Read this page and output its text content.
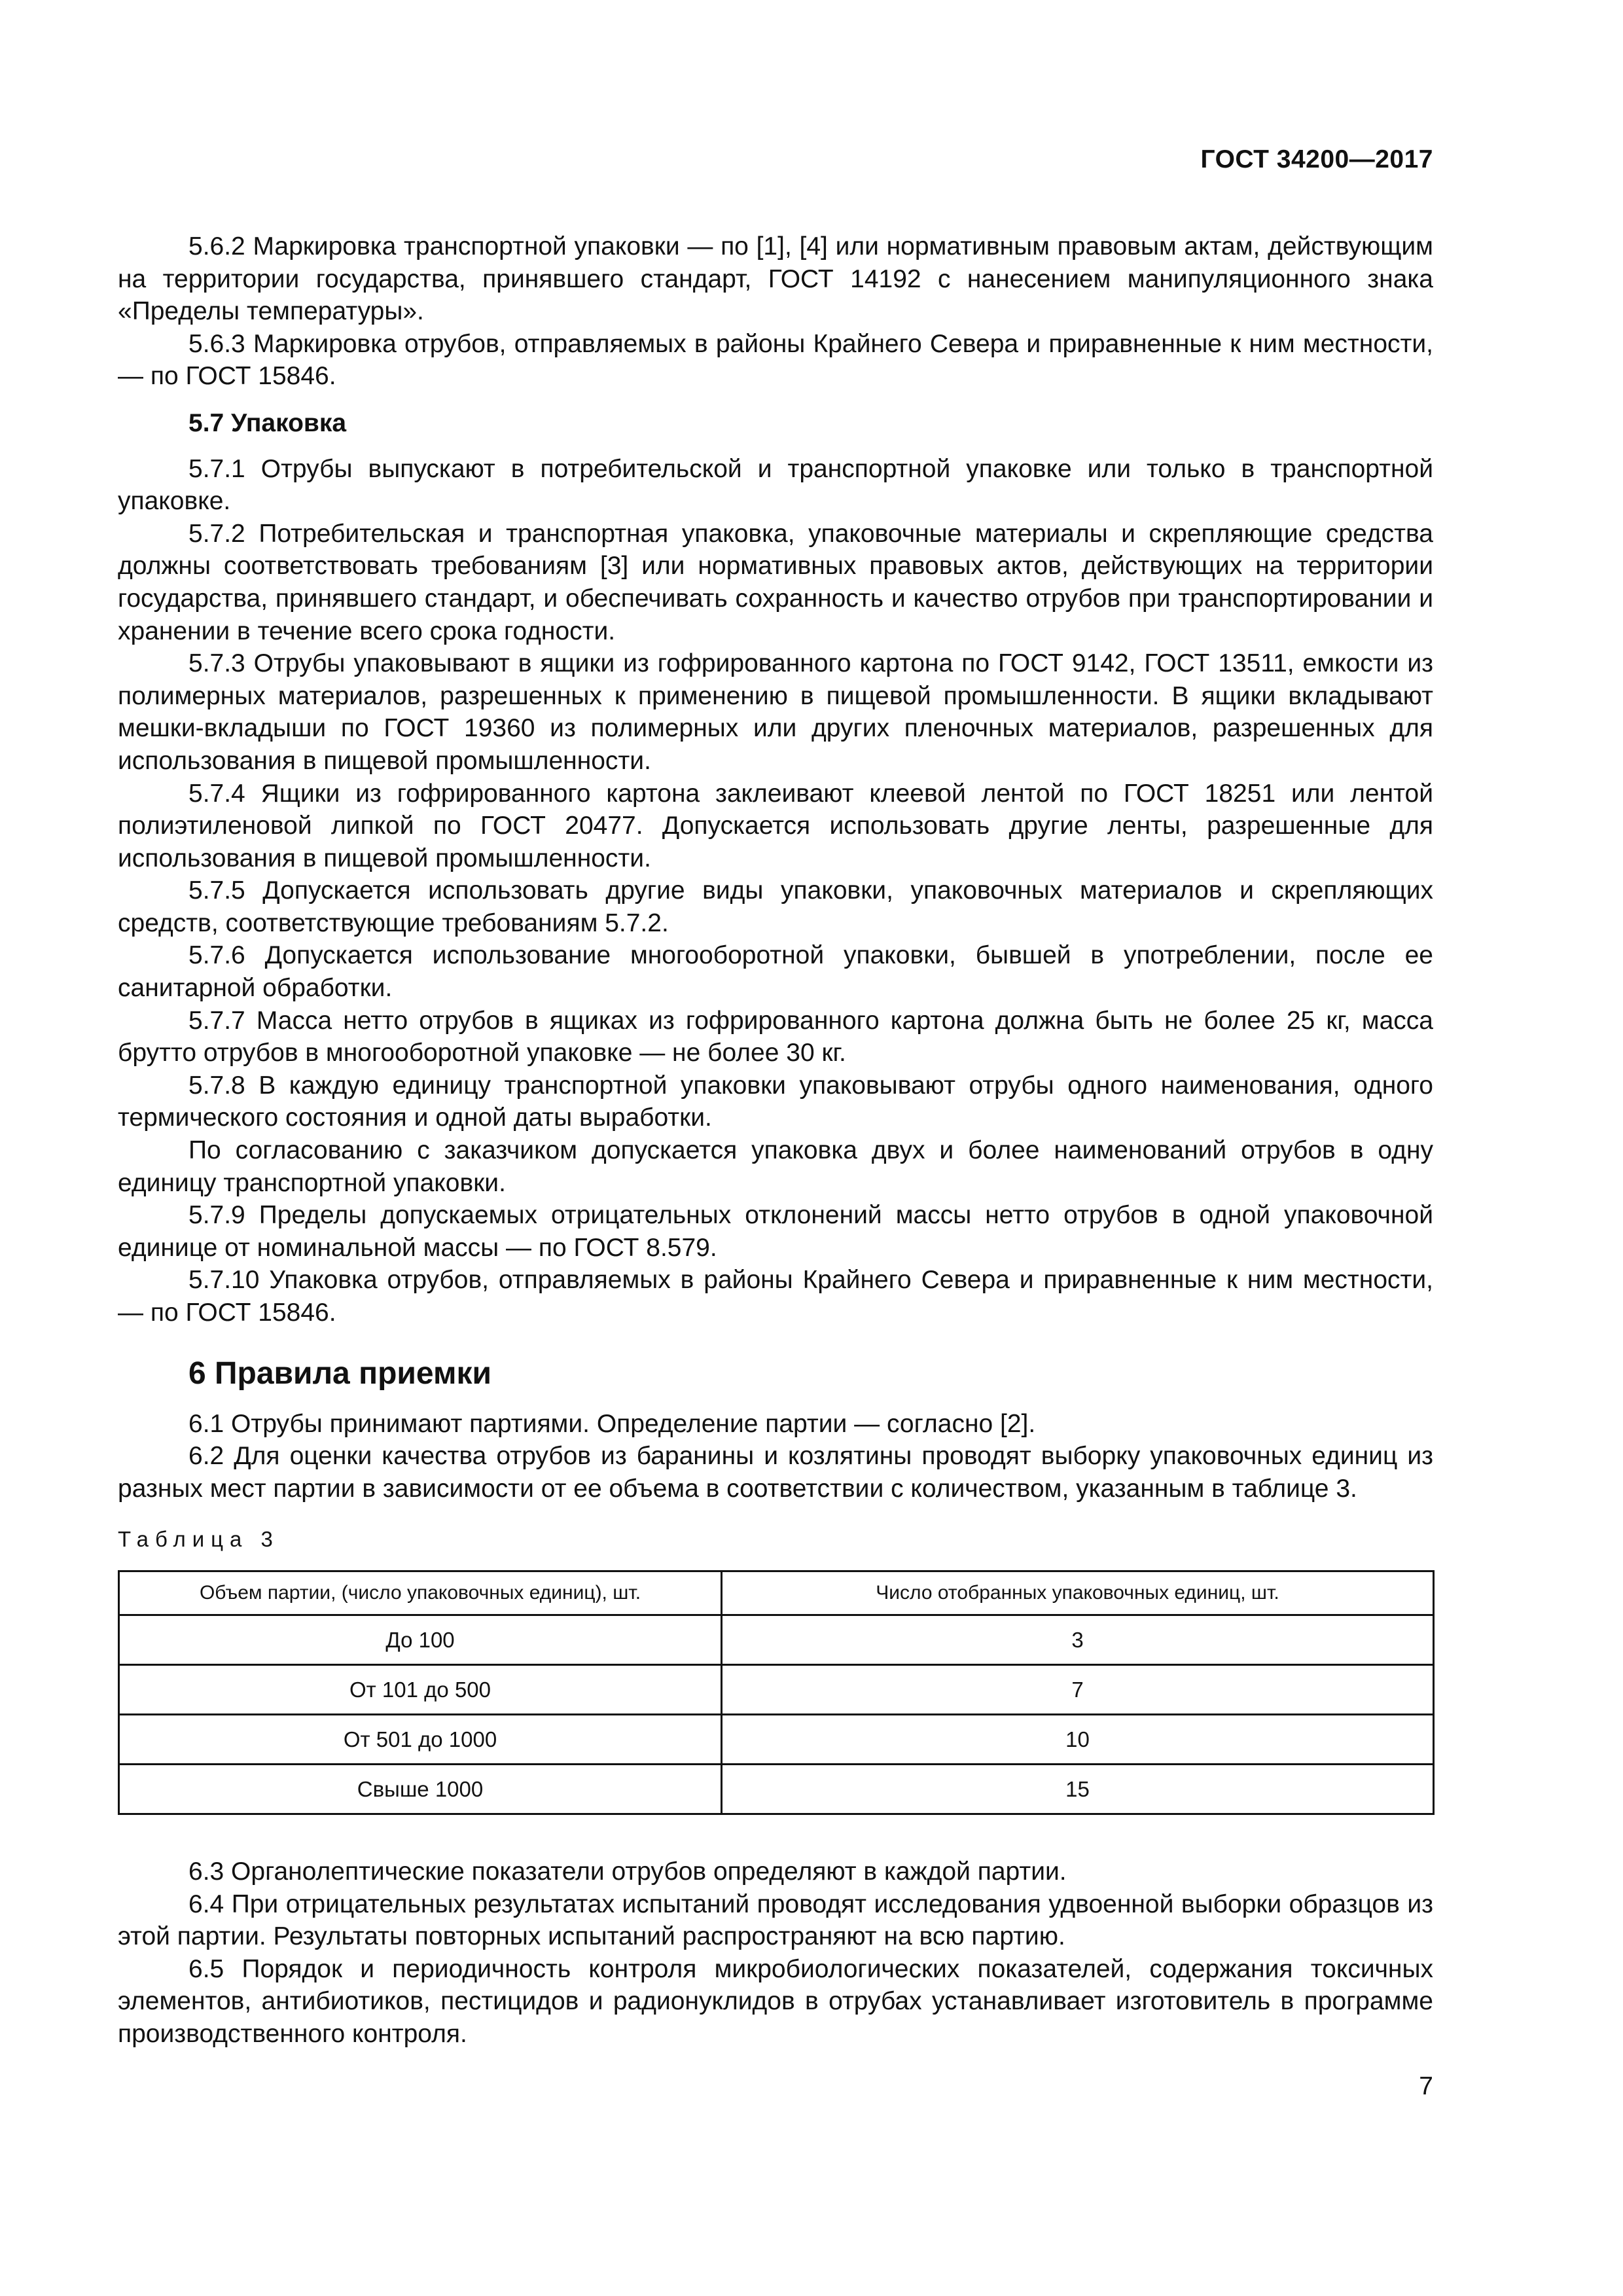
ГОСТ 34200—2017

5.6.2 Маркировка транспортной упаковки — по [1], [4] или нормативным правовым актам, действующим на территории государства, принявшего стандарт, ГОСТ 14192 с нанесением манипуляционного знака «Пределы температуры».

5.6.3 Маркировка отрубов, отправляемых в районы Крайнего Севера и приравненные к ним местности, — по ГОСТ 15846.

5.7 Упаковка

5.7.1 Отрубы выпускают в потребительской и транспортной упаковке или только в транспортной упаковке.

5.7.2 Потребительская и транспортная упаковка, упаковочные материалы и скрепляющие средства должны соответствовать требованиям [3] или нормативных правовых актов, действующих на территории государства, принявшего стандарт, и обеспечивать сохранность и качество отрубов при транспортировании и хранении в течение всего срока годности.

5.7.3 Отрубы упаковывают в ящики из гофрированного картона по ГОСТ 9142, ГОСТ 13511, емкости из полимерных материалов, разрешенных к применению в пищевой промышленности. В ящики вкладывают мешки-вкладыши по ГОСТ 19360 из полимерных или других пленочных материалов, разрешенных для использования в пищевой промышленности.

5.7.4 Ящики из гофрированного картона заклеивают клеевой лентой по ГОСТ 18251 или лентой полиэтиленовой липкой по ГОСТ 20477. Допускается использовать другие ленты, разрешенные для использования в пищевой промышленности.

5.7.5 Допускается использовать другие виды упаковки, упаковочных материалов и скрепляющих средств, соответствующие требованиям 5.7.2.

5.7.6 Допускается использование многооборотной упаковки, бывшей в употреблении, после ее санитарной обработки.

5.7.7 Масса нетто отрубов в ящиках из гофрированного картона должна быть не более 25 кг, масса брутто отрубов в многооборотной упаковке — не более 30 кг.

5.7.8 В каждую единицу транспортной упаковки упаковывают отрубы одного наименования, одного термического состояния и одной даты выработки.

По согласованию с заказчиком допускается упаковка двух и более наименований отрубов в одну единицу транспортной упаковки.

5.7.9 Пределы допускаемых отрицательных отклонений массы нетто отрубов в одной упаковочной единице от номинальной массы — по ГОСТ 8.579.

5.7.10 Упаковка отрубов, отправляемых в районы Крайнего Севера и приравненные к ним местности, — по ГОСТ 15846.

6 Правила приемки

6.1 Отрубы принимают партиями. Определение партии — согласно [2].

6.2 Для оценки качества отрубов из баранины и козлятины проводят выборку упаковочных единиц из разных мест партии в зависимости от ее объема в соответствии с количеством, указанным в таблице 3.

Таблица 3
Объем партии, (число упаковочных единиц), шт.	Число отобранных упаковочных единиц, шт.
До 100	3
От 101 до 500	7
От 501 до 1000	10
Свыше 1000	15

6.3 Органолептические показатели отрубов определяют в каждой партии.

6.4 При отрицательных результатах испытаний проводят исследования удвоенной выборки образцов из этой партии. Результаты повторных испытаний распространяют на всю партию.

6.5 Порядок и периодичность контроля микробиологических показателей, содержания токсичных элементов, антибиотиков, пестицидов и радионуклидов в отрубах устанавливает изготовитель в программе производственного контроля.

7
